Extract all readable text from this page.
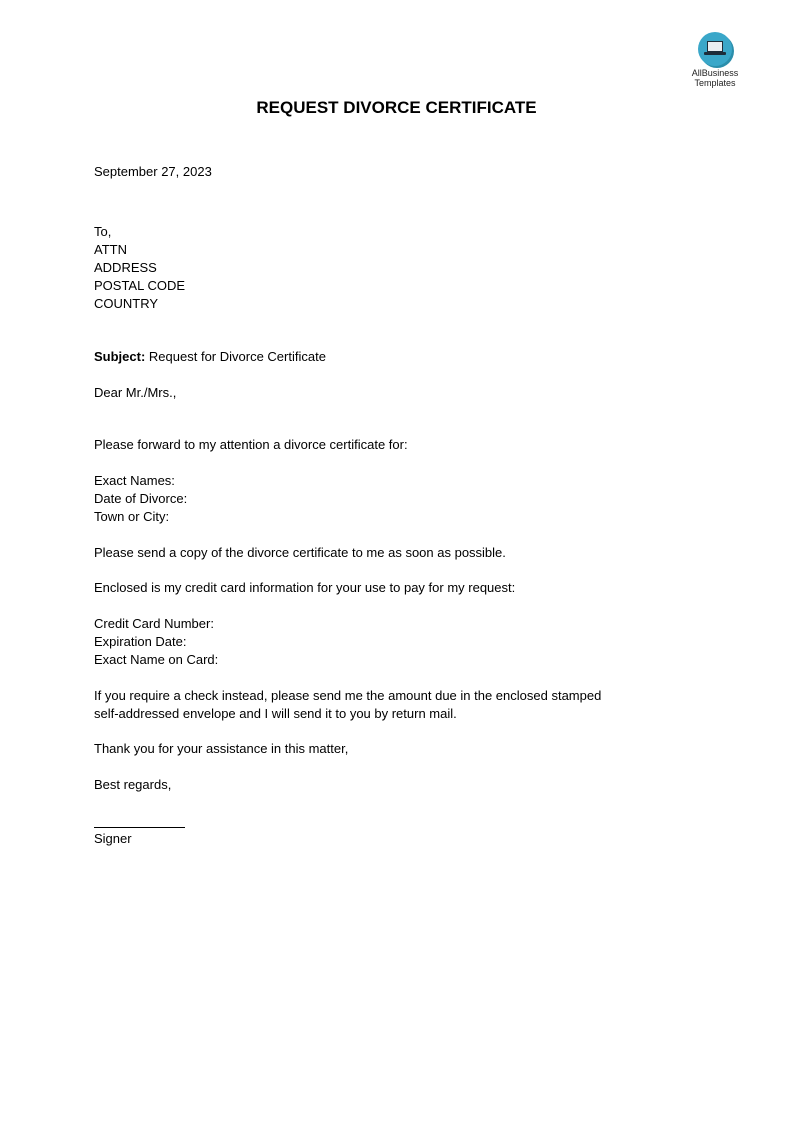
AllBusiness
Templates
REQUEST DIVORCE CERTIFICATE
September 27, 2023
To,
ATTN
ADDRESS
POSTAL CODE
COUNTRY
Subject: Request for Divorce Certificate
Dear Mr./Mrs.,
Please forward to my attention a divorce certificate for:
Exact Names:
Date of Divorce:
Town or City:
Please send a copy of the divorce certificate to me as soon as possible.
Enclosed is my credit card information for your use to pay for my request:
Credit Card Number:
Expiration Date:
Exact Name on Card:
If you require a check instead, please send me the amount due in the enclosed stamped
self-addressed envelope and I will send it to you by return mail.
Thank you for your assistance in this matter,
Best regards,
Signer
